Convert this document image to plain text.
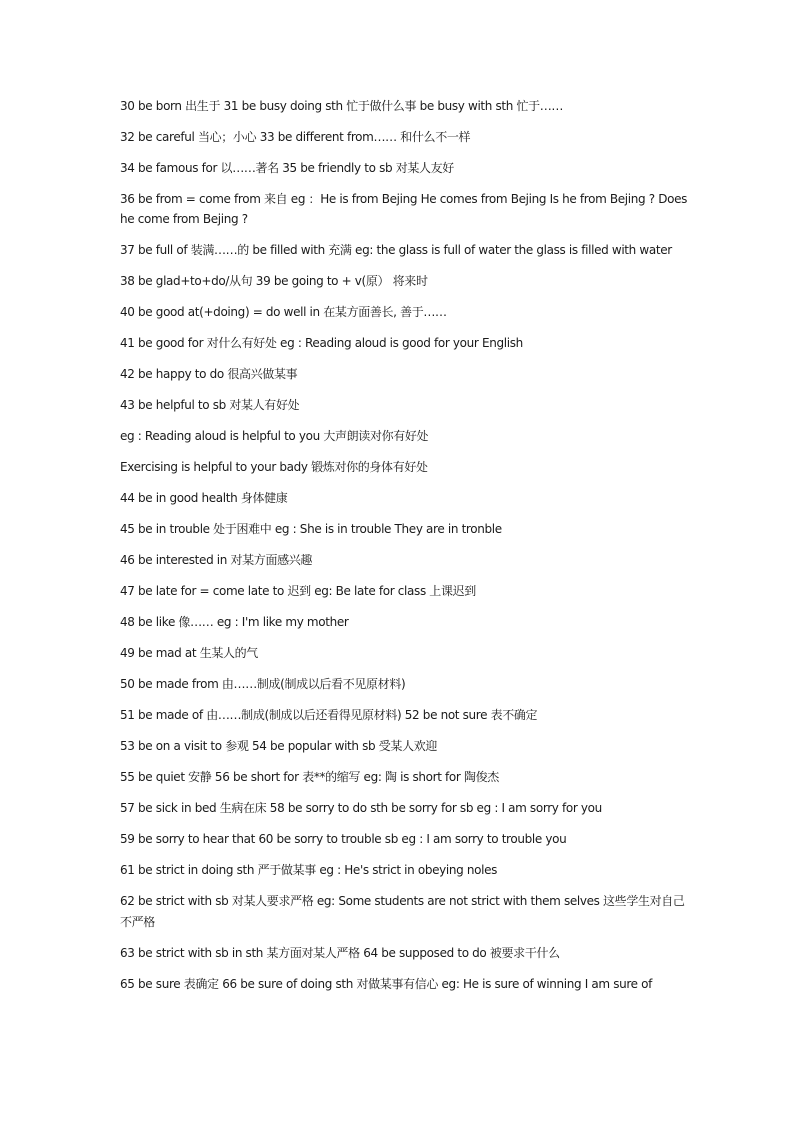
30 be born 出生于 31 be busy doing sth 忙于做什么事 be busy with sth 忙于……

32 be careful 当心；小心 33 be different from…… 和什么不一样

34 be famous for 以……著名 35 be friendly to sb 对某人友好

36 be from = come from 来自 eg ：He is from Bejing He comes from Bejing Is he from Bejing ? Does he come from Bejing ?

37 be full of 装满……的 be filled with 充满 eg: the glass is full of water the glass is filled with water

38 be glad+to+do/从句 39 be going to + v(原） 将来时

40 be good at(+doing) = do well in 在某方面善长, 善于……

41 be good for 对什么有好处 eg : Reading aloud is good for your English

42 be happy to do 很高兴做某事

43 be helpful to sb 对某人有好处

eg : Reading aloud is helpful to you 大声朗读对你有好处

Exercising is helpful to your bady 锻炼对你的身体有好处

44 be in good health 身体健康

45 be in trouble 处于困难中 eg : She is in trouble They are in tronble

46 be interested in 对某方面感兴趣

47 be late for = come late to 迟到 eg: Be late for class 上课迟到

48 be like 像…… eg : I'm like my mother

49 be mad at 生某人的气

50 be made from 由……制成(制成以后看不见原材料)

51 be made of 由……制成(制成以后还看得见原材料) 52 be not sure 表不确定

53 be on a visit to 参观 54 be popular with sb 受某人欢迎

55 be quiet 安静 56 be short for 表**的缩写 eg: 陶 is short for 陶俊杰

57 be sick in bed 生病在床 58 be sorry to do sth be sorry for sb eg : I am sorry for you

59 be sorry to hear that 60 be sorry to trouble sb eg : I am sorry to trouble you

61 be strict in doing sth 严于做某事 eg : He's strict in obeying noles

62 be strict with sb 对某人要求严格 eg: Some students are not strict with them selves 这些学生对自己不严格

63 be strict with sb in sth 某方面对某人严格 64 be supposed to do 被要求干什么

65 be sure 表确定 66 be sure of doing sth 对做某事有信心 eg: He is sure of winning I am sure of
